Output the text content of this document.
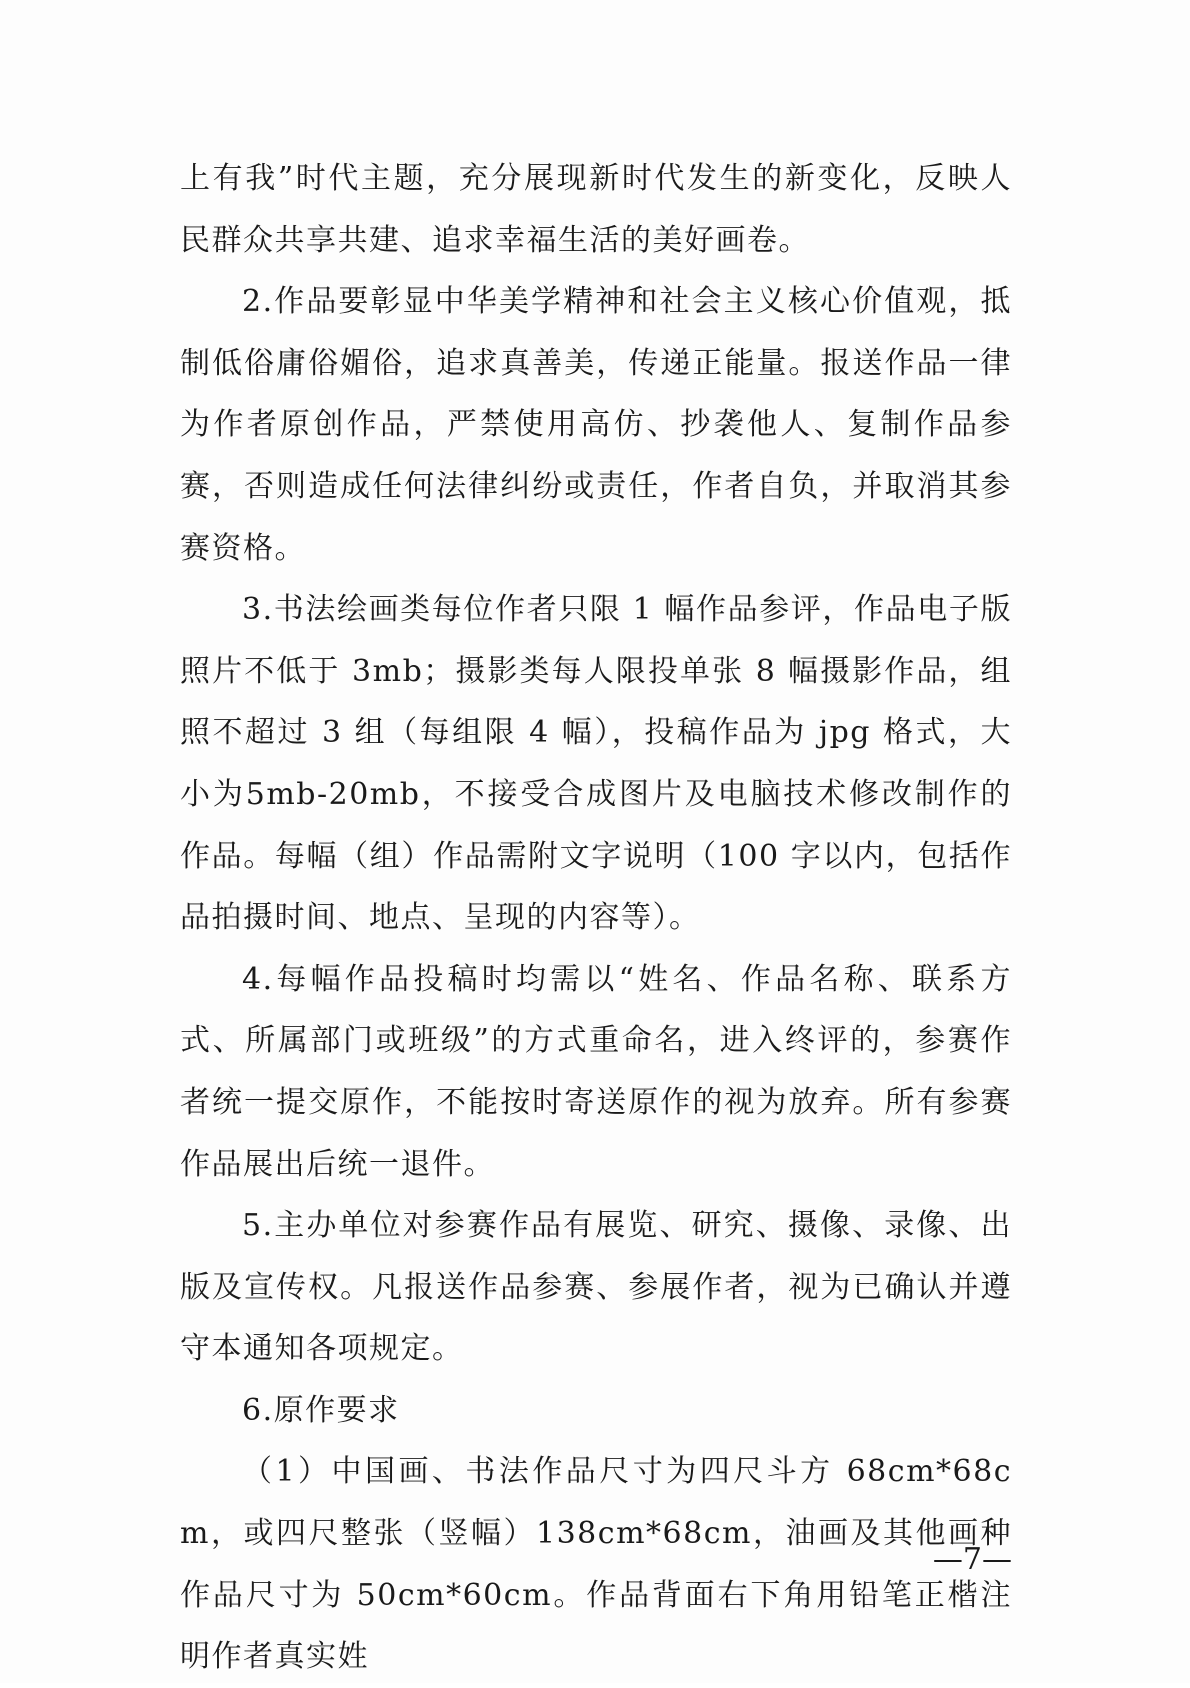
上有我”时代主题，充分展现新时代发生的新变化，反映人民群众共享共建、追求幸福生活的美好画卷。

2.作品要彰显中华美学精神和社会主义核心价值观，抵制低俗庸俗媚俗，追求真善美，传递正能量。报送作品一律为作者原创作品，严禁使用高仿、抄袭他人、复制作品参赛，否则造成任何法律纠纷或责任，作者自负，并取消其参赛资格。

3.书法绘画类每位作者只限 1 幅作品参评，作品电子版照片不低于 3mb；摄影类每人限投单张 8 幅摄影作品，组照不超过 3 组（每组限 4 幅），投稿作品为 jpg 格式，大小为5mb-20mb，不接受合成图片及电脑技术修改制作的作品。每幅（组）作品需附文字说明（100 字以内，包括作品拍摄时间、地点、呈现的内容等）。

4.每幅作品投稿时均需以“姓名、作品名称、联系方式、所属部门或班级”的方式重命名，进入终评的，参赛作者统一提交原作，不能按时寄送原作的视为放弃。所有参赛作品展出后统一退件。

5.主办单位对参赛作品有展览、研究、摄像、录像、出版及宣传权。凡报送作品参赛、参展作者，视为已确认并遵守本通知各项规定。

6.原作要求

（1）中国画、书法作品尺寸为四尺斗方 68cm*68cm，或四尺整张（竖幅）138cm*68cm，油画及其他画种作品尺寸为 50cm*60cm。作品背面右下角用铅笔正楷注明作者真实姓

—7—
